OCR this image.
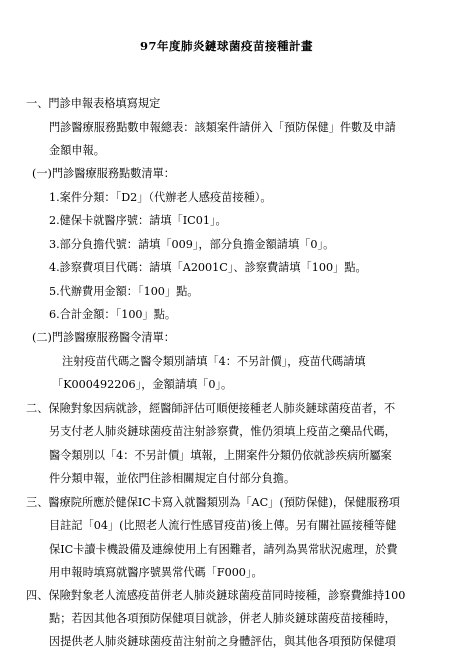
97年度肺炎鏈球菌疫苗接種計畫
一、門診申報表格填寫規定
門診醫療服務點數申報總表：該類案件請併入「預防保健」件數及申請
金額申報。
(一)門診醫療服務點數清單：
1.案件分類：「D2」（代辦老人感疫苗接種）。
2.健保卡就醫序號：請填「IC01」。
3.部分負擔代號：請填「009」，部分負擔金額請填「0」。
4.診察費項目代碼：請填「A2001C」、診察費請填「100」點。
5.代辦費用金額：「100」點。
6.合計金額：「100」點。
(二)門診醫療服務醫令清單：
注射疫苗代碼之醫令類別請填「4：不另計價」，疫苗代碼請填
「K000492206」，金額請填「0」。
二、保險對象因病就診，經醫師評估可順便接種老人肺炎鏈球菌疫苗者，不
另支付老人肺炎鏈球菌疫苗注射診察費，惟仍須填上疫苗之藥品代碼，
醫令類別以「4：不另計價」填報，上開案件分類仍依就診疾病所屬案
件分類申報，並依門住診相關規定自付部分負擔。
三、醫療院所應於健保IC卡寫入就醫類別為「AC」(預防保健)，保健服務項
目註記「04」(比照老人流行性感冒疫苗)後上傳。另有關社區接種等健
保IC卡讀卡機設備及連線使用上有困難者，請列為異常狀況處理，於費
用申報時填寫就醫序號異常代碼「F000」。
四、保險對象老人流感疫苗併老人肺炎鏈球菌疫苗同時接種，診察費維持100
點；若因其他各項預防保健項目就診，併老人肺炎鏈球菌疫苗接種時，
因提供老人肺炎鏈球菌疫苗注射前之身體評估，與其他各項預防保健項
